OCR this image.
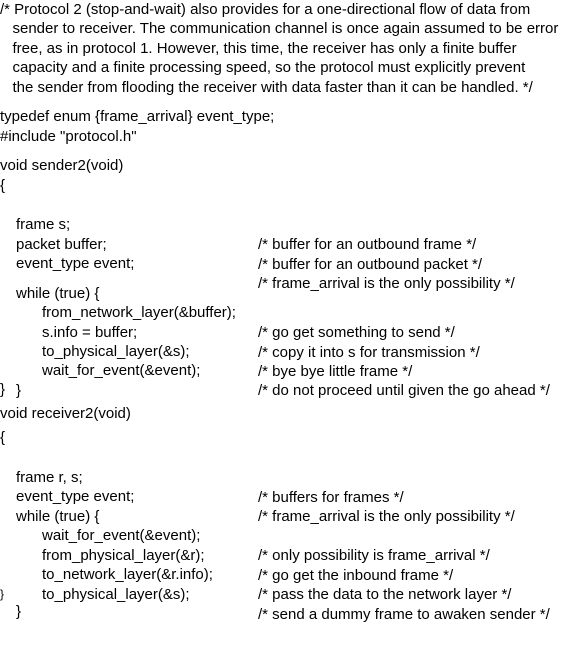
/* Protocol 2 (stop-and-wait) also provides for a one-directional flow of data from
sender to receiver. The communication channel is once again assumed to be error
free, as in protocol 1. However, this time, the receiver has only a finite buffer
capacity and a finite processing speed, so the protocol must explicitly prevent
the sender from flooding the receiver with data faster than it can be handled. */
typedef enum {frame_arrival} event_type;
#include "protocol.h"
void sender2(void)
{

frame s;

/* buffer for an outbound frame */

packet buffer;

/* buffer for an outbound packet */

event_type event;

/* frame_arrival is the only possibility */

while (true) {

from_network_layer(&buffer);

/* go get something to send */

s.info = buffer;

/* copy it into s for transmission */

to_physical_layer(&s);

/* bye bye little frame */

wait_for_event(&event);

/* do not proceed until given the go ahead */

}

}
void receiver2(void)
{

frame r, s;

/* buffers for frames */

event_type event;

/* frame_arrival is the only possibility */

while (true) {

wait_for_event(&event);

/* only possibility is frame_arrival */

from_physical_layer(&r);

/* go get the inbound frame */

to_network_layer(&r.info);

/* pass the data to the network layer */

to_physical_layer(&s);

/* send a dummy frame to awaken sender */

}

}
